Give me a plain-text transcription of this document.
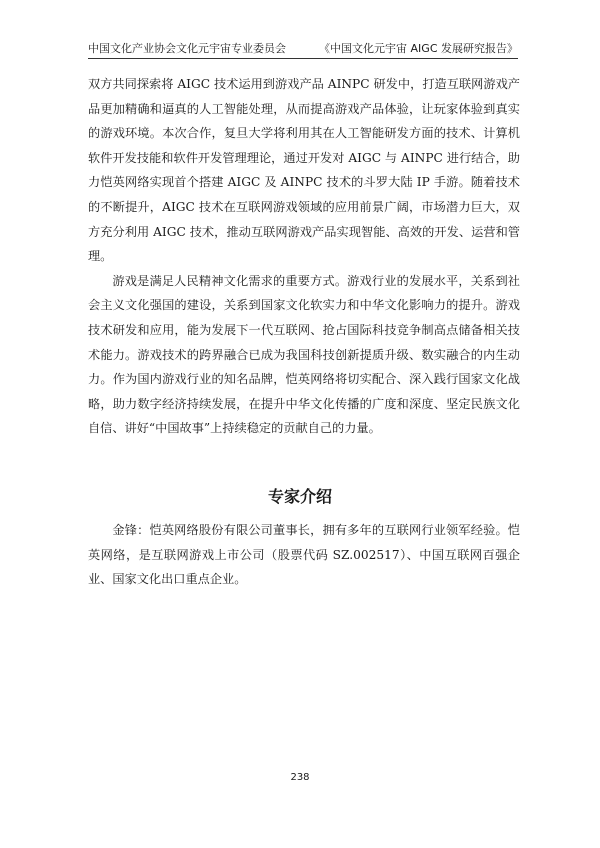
中国文化产业协会文化元宇宙专业委员会	《中国文化元宇宙 AIGC 发展研究报告》

双方共同探索将 AIGC 技术运用到游戏产品 AINPC 研发中，打造互联网游戏产品更加精确和逼真的人工智能处理，从而提高游戏产品体验，让玩家体验到真实的游戏环境。本次合作，复旦大学将利用其在人工智能研发方面的技术、计算机软件开发技能和软件开发管理理论，通过开发对 AIGC 与 AINPC 进行结合，助力恺英网络实现首个搭建 AIGC 及 AINPC 技术的斗罗大陆 IP 手游。随着技术的不断提升，AIGC 技术在互联网游戏领域的应用前景广阔，市场潜力巨大，双方充分利用 AIGC 技术，推动互联网游戏产品实现智能、高效的开发、运营和管理。

游戏是满足人民精神文化需求的重要方式。游戏行业的发展水平，关系到社会主义文化强国的建设，关系到国家文化软实力和中华文化影响力的提升。游戏技术研发和应用，能为发展下一代互联网、抢占国际科技竞争制高点储备相关技术能力。游戏技术的跨界融合已成为我国科技创新提质升级、数实融合的内生动力。作为国内游戏行业的知名品牌，恺英网络将切实配合、深入践行国家文化战略，助力数字经济持续发展，在提升中华文化传播的广度和深度、坚定民族文化自信、讲好“中国故事”上持续稳定的贡献自己的力量。

专家介绍

金锋：恺英网络股份有限公司董事长，拥有多年的互联网行业领军经验。恺英网络，是互联网游戏上市公司（股票代码 SZ.002517）、中国互联网百强企业、国家文化出口重点企业。

238
